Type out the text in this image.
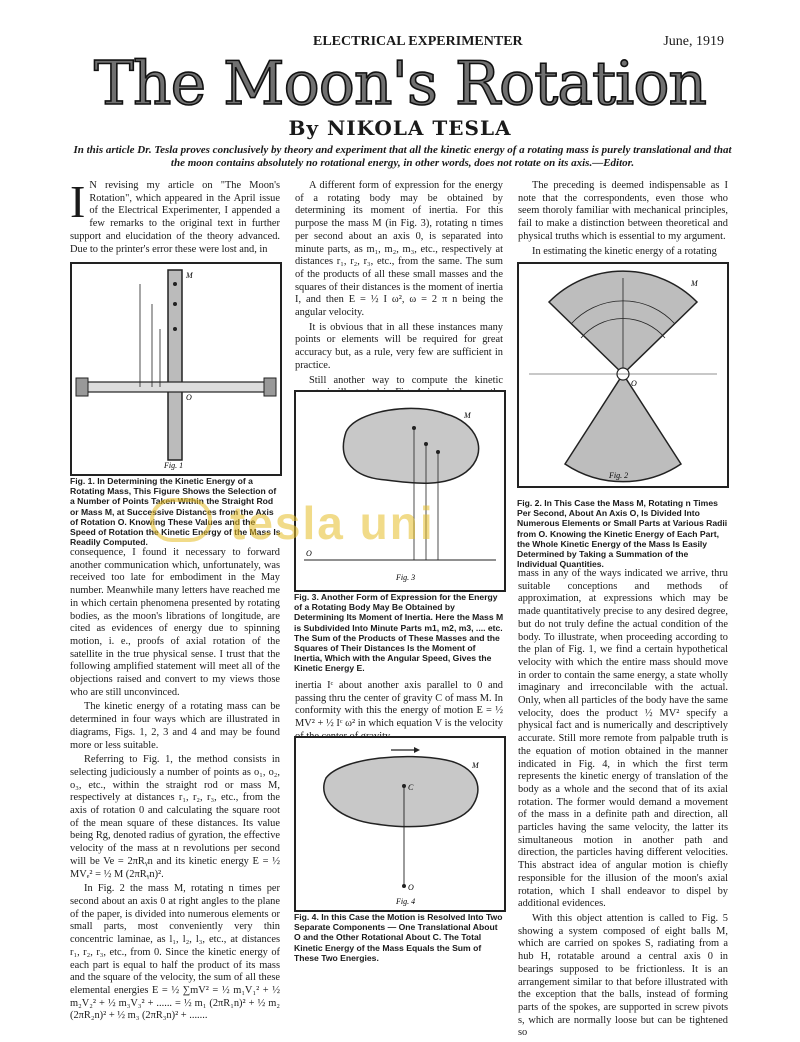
ELECTRICAL EXPERIMENTER	June, 1919
The Moon's Rotation
By NIKOLA TESLA
In this article Dr. Tesla proves conclusively by theory and experiment that all the kinetic energy of a rotating mass is purely translational and that the moon contains absolutely no rotational energy, in other words, does not rotate on its axis.—Editor.

I N revising my article on "The Moon's Rotation", which appeared in the April issue of the Electrical Experimenter, I appended a few remarks to the original text in further support and elucidation of the theory advanced. Due to the printer's error these were lost and, in

M
O
Fig. 1
Fig. 1. In Determining the Kinetic Energy of a Rotating Mass, This Figure Shows the Selection of a Number of Points Taken Within the Straight Rod or Mass M, at Successive Distances from the Axis of Rotation O. Knowing These Values and the Speed of Rotation the Kinetic Energy of the Mass Is Readily Computed.

consequence, I found it necessary to forward another communication which, unfortunately, was received too late for embodiment in the May number. Meanwhile many letters have reached me in which certain phenomena presented by rotating bodies, as the moon's librations of longitude, are cited as evidences of energy due to spinning motion, i. e., proofs of axial rotation of the satellite in the true physical sense. I trust that the following amplified statement will meet all of the objections raised and convert to my views those who are still unconvinced.

The kinetic energy of a rotating mass can be determined in four ways which are illustrated in diagrams, Figs. 1, 2, 3 and 4 and may be found more or less suitable.

Referring to Fig. 1, the method consists in selecting judiciously a number of points as o₁, o₂, o₃, etc., within the straight rod or mass M, respectively at distances r₁, r₂, r₃, etc., from the axis of rotation 0 and calculating the square root of the mean square of these distances. Its value being Rg, denoted radius of gyration, the effective velocity of the mass at n revolutions per second will be Ve = 2πRᵧn and its kinetic energy E = ½ MVₑ² = ½ M (2πRᵧn)².

In Fig. 2 the mass M, rotating n times per second about an axis 0 at right angles to the plane of the paper, is divided into numerous elements or small parts, most conveniently very thin concentric laminae, as l₁, l₂, l₃, etc., at distances r₁, r₂, r₃, etc., from 0. Since the kinetic energy of each part is equal to half the product of its mass and the square of the velocity, the sum of all these elemental energies E = ½ ∑mV² = ½ m₁V₁² + ½ m₂V₂² + ½ m₃V₃² + ...... = ½ m₁ (2πR₁n)² + ½ m₂ (2πR₂n)² + ½ m₃ (2πR₃n)² + .......

A different form of expression for the energy of a rotating body may be obtained by determining its moment of inertia. For this purpose the mass M (in Fig. 3), rotating n times per second about an axis 0, is separated into minute parts, as m₁, m₂, m₃, etc., respectively at distances r₁, r₂, r₃, etc., from the same. The sum of the products of all these small masses and the squares of their distances is the moment of inertia I, and then E = ½ I ω², ω = 2 π n being the angular velocity.

It is obvious that in all these instances many points or elements will be required for great accuracy but, as a rule, very few are sufficient in practice.

Still another way to compute the kinetic

M
O
Fig. 3
Fig. 3. Another Form of Expression for the Energy of a Rotating Body May Be Obtained by Determining Its Moment of Inertia. Here the Mass M is Subdivided Into Minute Parts m1, m2, m3, .... etc. The Sum of the Products of These Masses and the Squares of Their Distances Is the Moment of Inertia, Which with the Angular Speed, Gives the Kinetic Energy E.

inertia Iᶜ about another axis parallel to 0 and passing thru the center of gravity C of mass M. In conformity with this the energy of motion E = ½ MV² + ½ Iᶜ ω² in which equation V is the velocity

C
M
O
Fig. 4
Fig. 4. In this Case the Motion is Resolved Into Two Separate Components — One Translational About O and the Other Rotational About C. The Total Kinetic Energy of the Mass Equals the Sum of These Two Energies.

The preceding is deemed indispensable as I note that the correspondents, even those who seem thoroly familiar with mechanical principles, fail to make a distinction between theoretical and physical truths which is essential to my argument.

In estimating the kinetic energy of a rotating

M
O
Fig. 2
Fig. 2. In This Case the Mass M, Rotating n Times Per Second, About An Axis O, Is Divided Into Numerous Elements or Small Parts at Various Radii from O. Knowing the Kinetic Energy of Each Part, the Whole Kinetic Energy of the Mass Is Easily Determined by Taking a Summation of the Individual Quantities.

mass in any of the ways indicated we arrive, thru suitable conceptions and methods of approximation, at expressions which may be made quantitatively precise to any desired degree, but do not truly define the actual condition of the body. To illustrate, when proceeding according to the plan of Fig. 1, we find a certain hypothetical velocity with which the entire mass should move in order to contain the same energy, a state wholly imaginary and irreconcilable with the actual. Only, when all particles of the body have the same velocity, does the product ½ MV² specify a physical fact and is numerically and descriptively accurate. Still more remote from palpable truth is the equation of motion obtained in the manner indicated in Fig. 4, in which the first term represents the kinetic energy of translation of the body as a whole and the second that of its axial rotation. The former would demand a movement of the mass in a definite path and direction, all particles having the same velocity, the latter its simultaneous motion in another path and direction, the particles having different velocities. This abstract idea of angular motion is chiefly responsible for the illusion of the moon's axial rotation, which I shall endeavor to dispel by additional evidences.

With this object attention is called to Fig. 5 showing a system composed of eight balls M, which are carried on spokes S, radiating from a hub H, rotatable around a central axis 0 in bearings supposed to be frictionless. It is an arrangement similar to that before illustrated with the exception that the balls, instead of forming parts of the spokes, are supported in screw pivots s, which are normally loose but can be tightened so

tesla uni
